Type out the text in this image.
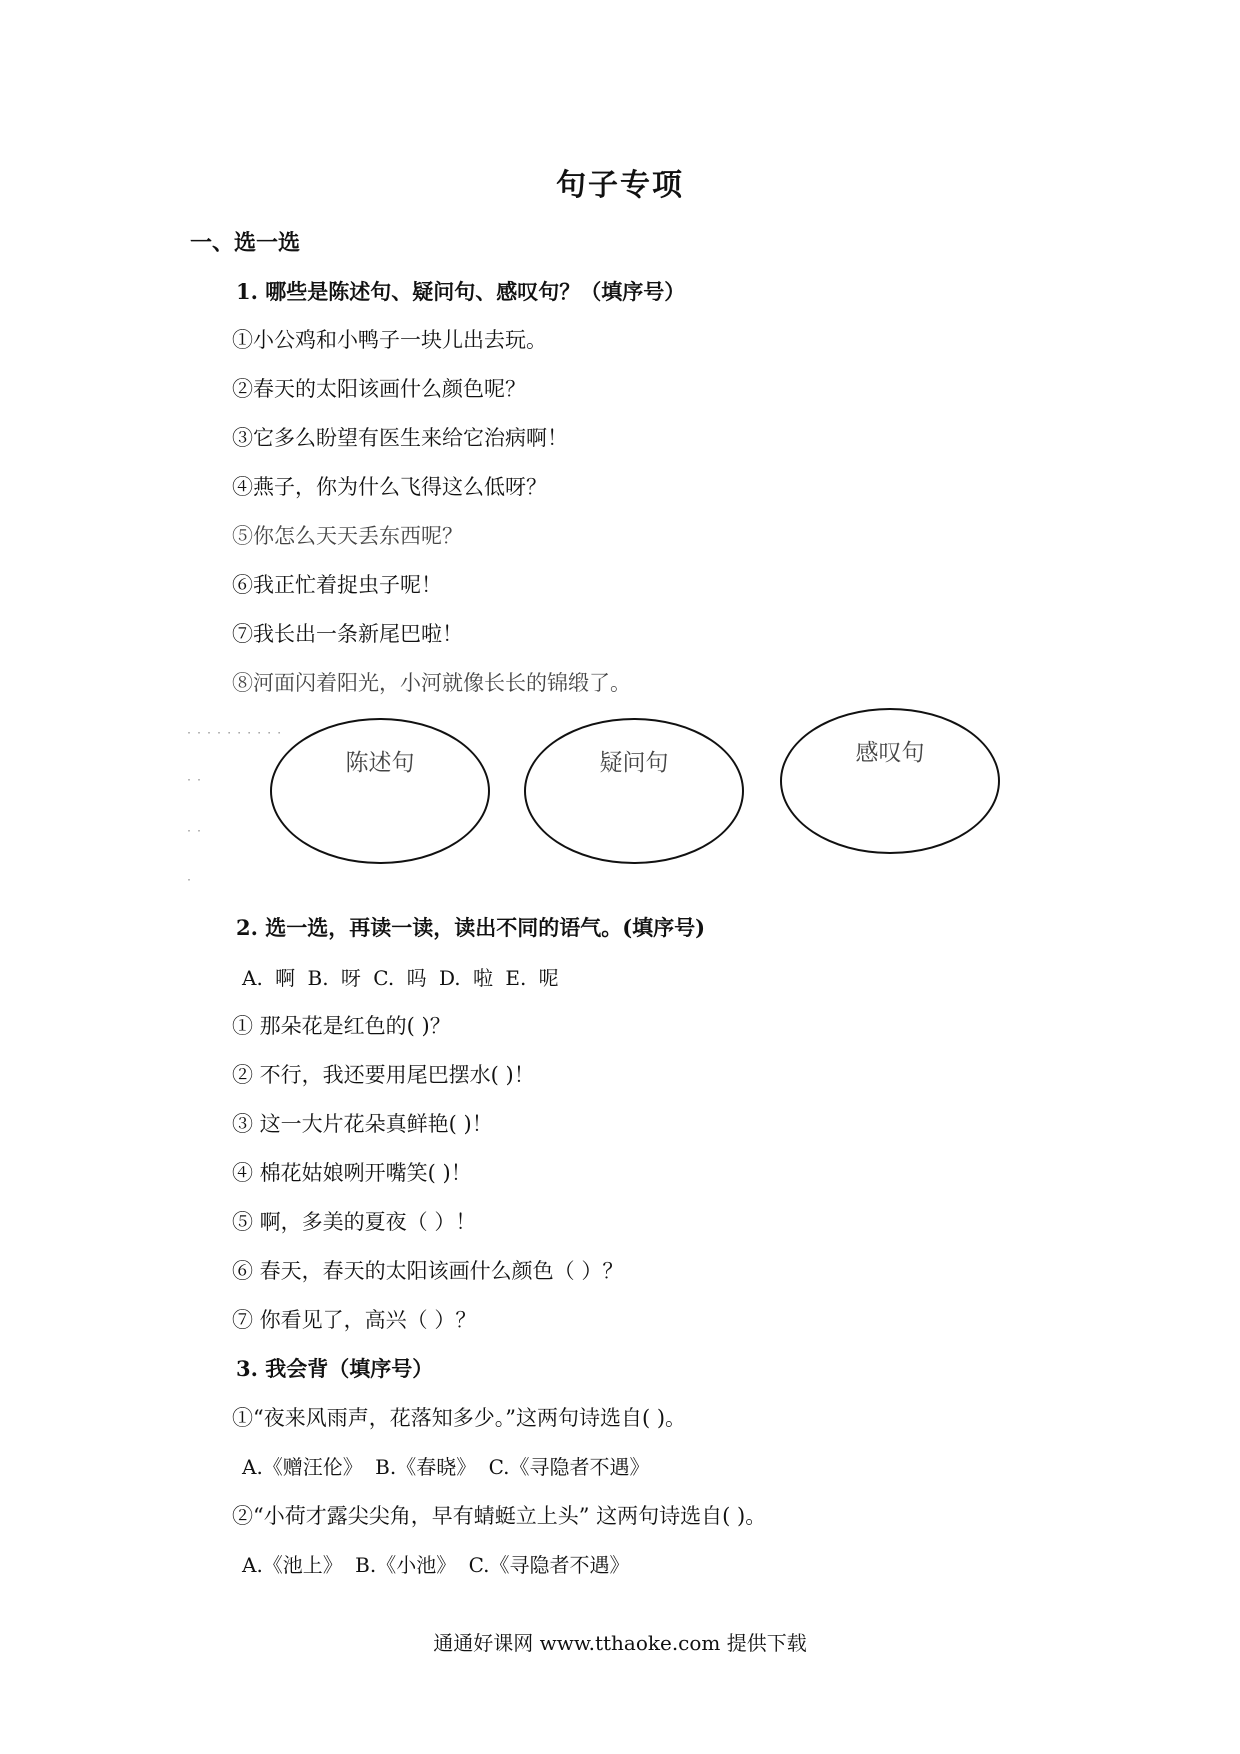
句子专项
一、选一选
1. 哪些是陈述句、疑问句、感叹句？（填序号）
①小公鸡和小鸭子一块儿出去玩。
②春天的太阳该画什么颜色呢？
③它多么盼望有医生来给它治病啊！
④燕子，你为什么飞得这么低呀？
⑤你怎么天天丢东西呢？
⑥我正忙着捉虫子呢！
⑦我长出一条新尾巴啦！
⑧河面闪着阳光，小河就像长长的锦缎了。
··········
··
··
·
陈述句	疑问句	感叹句
2. 选一选，再读一读，读出不同的语气。(填序号)
A. 啊 B. 呀 C. 吗 D. 啦 E. 呢
① 那朵花是红色的( )？
② 不行，我还要用尾巴摆水( )！
③ 这一大片花朵真鲜艳( )！
④ 棉花姑娘咧开嘴笑( )！
⑤ 啊，多美的夏夜（ ）！
⑥ 春天，春天的太阳该画什么颜色（ ）？
⑦ 你看见了，高兴（ ）？
3. 我会背（填序号）
①“夜来风雨声，花落知多少。”这两句诗选自( )。
A.《赠汪伦》 B.《春晓》 C.《寻隐者不遇》
②“小荷才露尖尖角，早有蜻蜓立上头” 这两句诗选自( )。
A.《池上》 B.《小池》 C.《寻隐者不遇》
通通好课网 www.tthaoke.com 提供下载
